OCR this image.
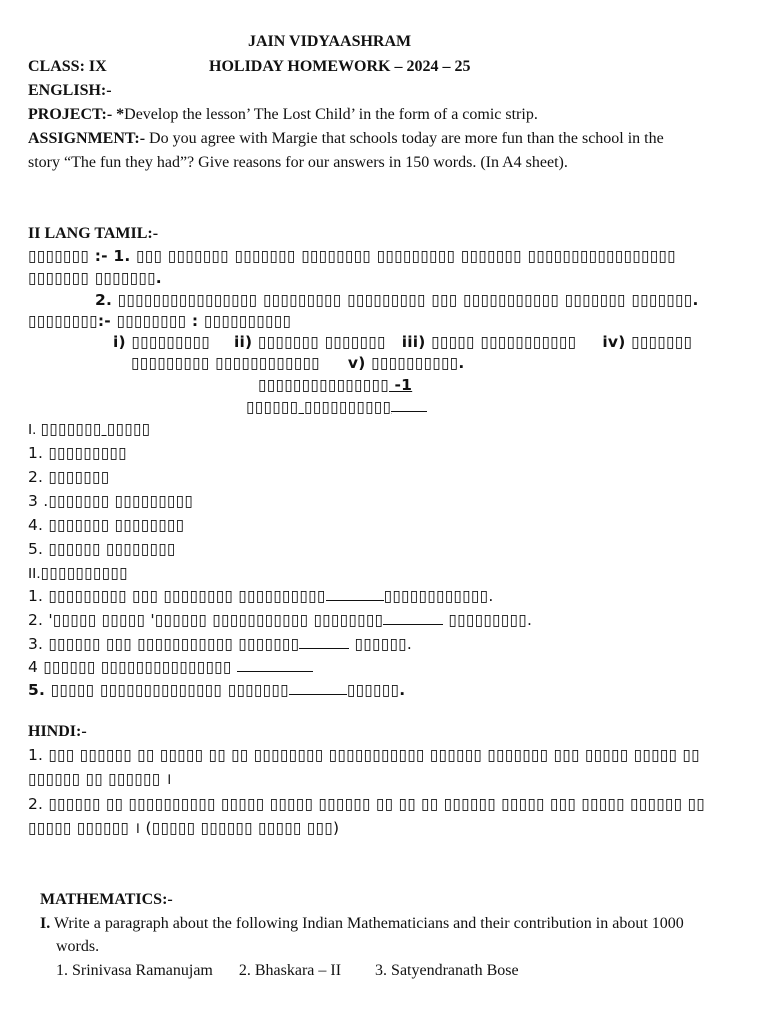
JAIN VIDYAASHRAM
CLASS: IX	HOLIDAY HOMEWORK – 2024 – 25
ENGLISH:-
PROJECT:- *Develop the lesson’ The Lost Child’ in the form of a comic strip.
ASSIGNMENT:- Do you agree with Margie that schools today are more fun than the school in the
story “The fun they had”? Give reasons for our answers in 150 words. (In A4 sheet).
II LANG TAMIL:-
▯▯▯▯▯▯▯ :- 1. ▯▯▯ ▯▯▯▯▯▯▯ ▯▯▯▯▯▯▯ ▯▯▯▯▯▯▯▯ ▯▯▯▯▯▯▯▯▯ ▯▯▯▯▯▯▯ ▯▯▯▯▯▯▯▯▯▯▯▯▯▯▯▯▯
▯▯▯▯▯▯▯ ▯▯▯▯▯▯▯.
2. ▯▯▯▯▯▯▯▯▯▯▯▯▯▯▯▯ ▯▯▯▯▯▯▯▯▯ ▯▯▯▯▯▯▯▯▯ ▯▯▯ ▯▯▯▯▯▯▯▯▯▯▯ ▯▯▯▯▯▯▯ ▯▯▯▯▯▯▯.
▯▯▯▯▯▯▯▯:- ▯▯▯▯▯▯▯▯ : ▯▯▯▯▯▯▯▯▯▯
i) ▯▯▯▯▯▯▯▯▯ ii) ▯▯▯▯▯▯▯ ▯▯▯▯▯▯▯ iii) ▯▯▯▯▯ ▯▯▯▯▯▯▯▯▯▯▯ iv) ▯▯▯▯▯▯▯
▯▯▯▯▯▯▯▯▯ ▯▯▯▯▯▯▯▯▯▯▯▯ v) ▯▯▯▯▯▯▯▯▯▯.
▯▯▯▯▯▯▯▯▯▯▯▯▯▯▯ -1
▯▯▯▯▯▯ ▯▯▯▯▯▯▯▯▯▯
I. ▯▯▯▯▯▯▯ ▯▯▯▯▯
1. ▯▯▯▯▯▯▯▯▯
2. ▯▯▯▯▯▯▯
3 .▯▯▯▯▯▯▯ ▯▯▯▯▯▯▯▯▯
4. ▯▯▯▯▯▯▯ ▯▯▯▯▯▯▯▯
5. ▯▯▯▯▯▯ ▯▯▯▯▯▯▯▯
II.▯▯▯▯▯▯▯▯▯▯
1. ▯▯▯▯▯▯▯▯▯ ▯▯▯ ▯▯▯▯▯▯▯▯ ▯▯▯▯▯▯▯▯▯▯	▯▯▯▯▯▯▯▯▯▯▯▯.
2. '▯▯▯▯▯ ▯▯▯▯▯ '▯▯▯▯▯▯ ▯▯▯▯▯▯▯▯▯▯▯ ▯▯▯▯▯▯▯▯	▯▯▯▯▯▯▯▯▯.
3. ▯▯▯▯▯▯ ▯▯▯ ▯▯▯▯▯▯▯▯▯▯▯ ▯▯▯▯▯▯▯	▯▯▯▯▯▯.
4 ▯▯▯▯▯▯ ▯▯▯▯▯▯▯▯▯▯▯▯▯▯▯
5. ▯▯▯▯▯ ▯▯▯▯▯▯▯▯▯▯▯▯▯▯ ▯▯▯▯▯▯▯	▯▯▯▯▯▯.
HINDI:-
1. ▯▯▯ ▯▯▯▯▯▯ ▯▯ ▯▯▯▯▯ ▯▯ ▯▯ ▯▯▯▯▯▯▯▯ ▯▯▯▯▯▯▯▯▯▯▯ ▯▯▯▯▯▯ ▯▯▯▯▯▯▯ ▯▯▯ ▯▯▯▯▯ ▯▯▯▯▯ ▯▯
▯▯▯▯▯▯ ▯▯ ▯▯▯▯▯▯ ।
2. ▯▯▯▯▯▯ ▯▯ ▯▯▯▯▯▯▯▯▯▯ ▯▯▯▯▯ ▯▯▯▯▯ ▯▯▯▯▯▯ ▯▯ ▯▯ ▯▯ ▯▯▯▯▯▯ ▯▯▯▯▯ ▯▯▯ ▯▯▯▯▯ ▯▯▯▯▯▯ ▯▯
▯▯▯▯▯ ▯▯▯▯▯▯ । (▯▯▯▯▯ ▯▯▯▯▯▯ ▯▯▯▯▯ ▯▯▯)
MATHEMATICS:-
I. Write a paragraph about the following Indian Mathematicians and their contribution in about 1000
words.
1. Srinivasa Ramanujam 2. Bhaskara – II 3. Satyendranath Bose
